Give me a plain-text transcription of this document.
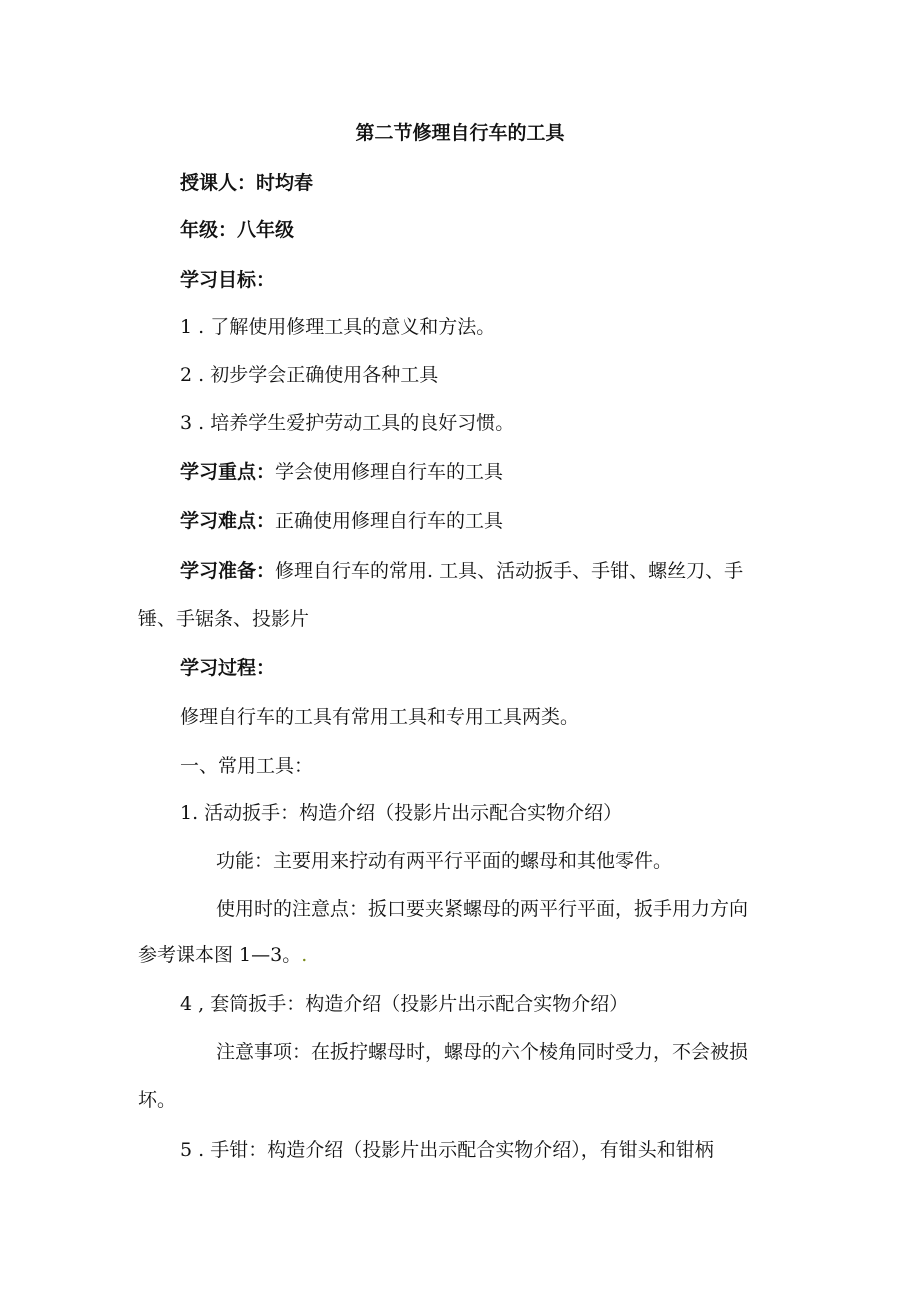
第二节修理自行车的工具
授课人：时均春
年级：八年级
学习目标：
1 . 了解使用修理工具的意义和方法。
2 . 初步学会正确使用各种工具
3 . 培养学生爱护劳动工具的良好习惯。
学习重点：学会使用修理自行车的工具
学习难点：正确使用修理自行车的工具
学习准备：修理自行车的常用. 工具、活动扳手、手钳、螺丝刀、手
锤、手锯条、投影片
学习过程：
修理自行车的工具有常用工具和专用工具两类。
一、常用工具：
1. 活动扳手：构造介绍（投影片出示配合实物介绍）
功能：主要用来拧动有两平行平面的螺母和其他零件。
使用时的注意点：扳口要夹紧螺母的两平行平面，扳手用力方向
参考课本图 1—3。.
4 , 套筒扳手：构造介绍（投影片出示配合实物介绍）
注意事项：在扳拧螺母时，螺母的六个棱角同时受力，不会被损
坏。
5 . 手钳：构造介绍（投影片出示配合实物介绍），有钳头和钳柄
